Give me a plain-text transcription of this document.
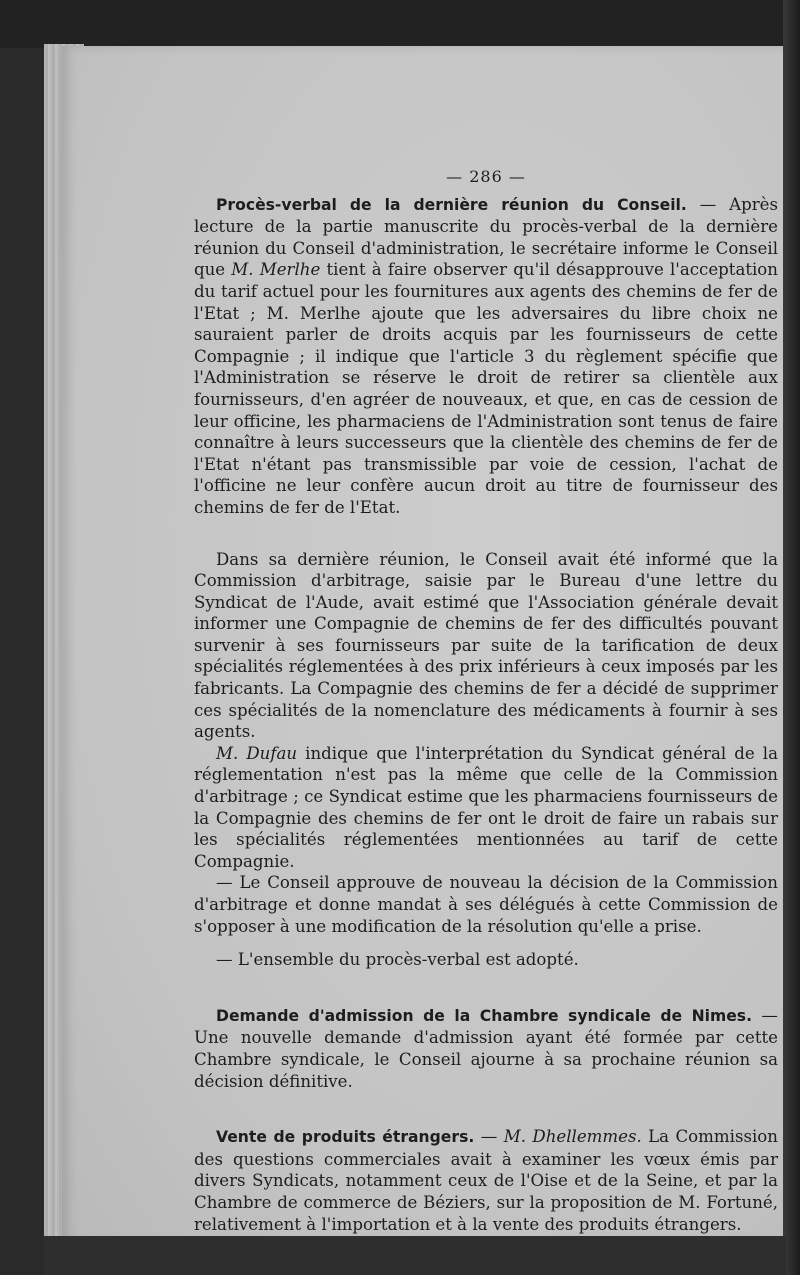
— 286 —

Procès-verbal de la dernière réunion du Conseil. — Après lecture de la partie manuscrite du procès-verbal de la dernière réunion du Conseil d'administration, le secrétaire informe le Conseil que M. Merlhe tient à faire observer qu'il désapprouve l'acceptation du tarif actuel pour les fournitures aux agents des chemins de fer de l'Etat ; M. Merlhe ajoute que les adversaires du libre choix ne sauraient parler de droits acquis par les fournisseurs de cette Compagnie ; il indique que l'article 3 du règlement spécifie que l'Administration se réserve le droit de retirer sa clientèle aux fournisseurs, d'en agréer de nouveaux, et que, en cas de cession de leur officine, les pharmaciens de l'Administration sont tenus de faire connaître à leurs successeurs que la clientèle des chemins de fer de l'Etat n'étant pas transmissible par voie de cession, l'achat de l'officine ne leur confère aucun droit au titre de fournisseur des chemins de fer de l'Etat.

Dans sa dernière réunion, le Conseil avait été informé que la Commission d'arbitrage, saisie par le Bureau d'une lettre du Syndicat de l'Aude, avait estimé que l'Association générale devait informer une Compagnie de chemins de fer des difficultés pouvant survenir à ses fournisseurs par suite de la tarification de deux spécialités réglementées à des prix inférieurs à ceux imposés par les fabricants. La Compagnie des chemins de fer a décidé de supprimer ces spécialités de la nomenclature des médicaments à fournir à ses agents.

M. Dufau indique que l'interprétation du Syndicat général de la réglementation n'est pas la même que celle de la Commission d'arbitrage ; ce Syndicat estime que les pharmaciens fournisseurs de la Compagnie des chemins de fer ont le droit de faire un rabais sur les spécialités réglementées mentionnées au tarif de cette Compagnie.

— Le Conseil approuve de nouveau la décision de la Commission d'arbitrage et donne mandat à ses délégués à cette Commission de s'opposer à une modification de la résolution qu'elle a prise.

— L'ensemble du procès-verbal est adopté.

Demande d'admission de la Chambre syndicale de Nimes. — Une nouvelle demande d'admission ayant été formée par cette Chambre syndicale, le Conseil ajourne à sa prochaine réunion sa décision définitive.

Vente de produits étrangers. — M. Dhellemmes. La Commission des questions commerciales avait à examiner les vœux émis par divers Syndicats, notamment ceux de l'Oise et de la Seine, et par la Chambre de commerce de Béziers, sur la proposition de M. Fortuné, relativement à l'importation et à la vente des produits étrangers.
